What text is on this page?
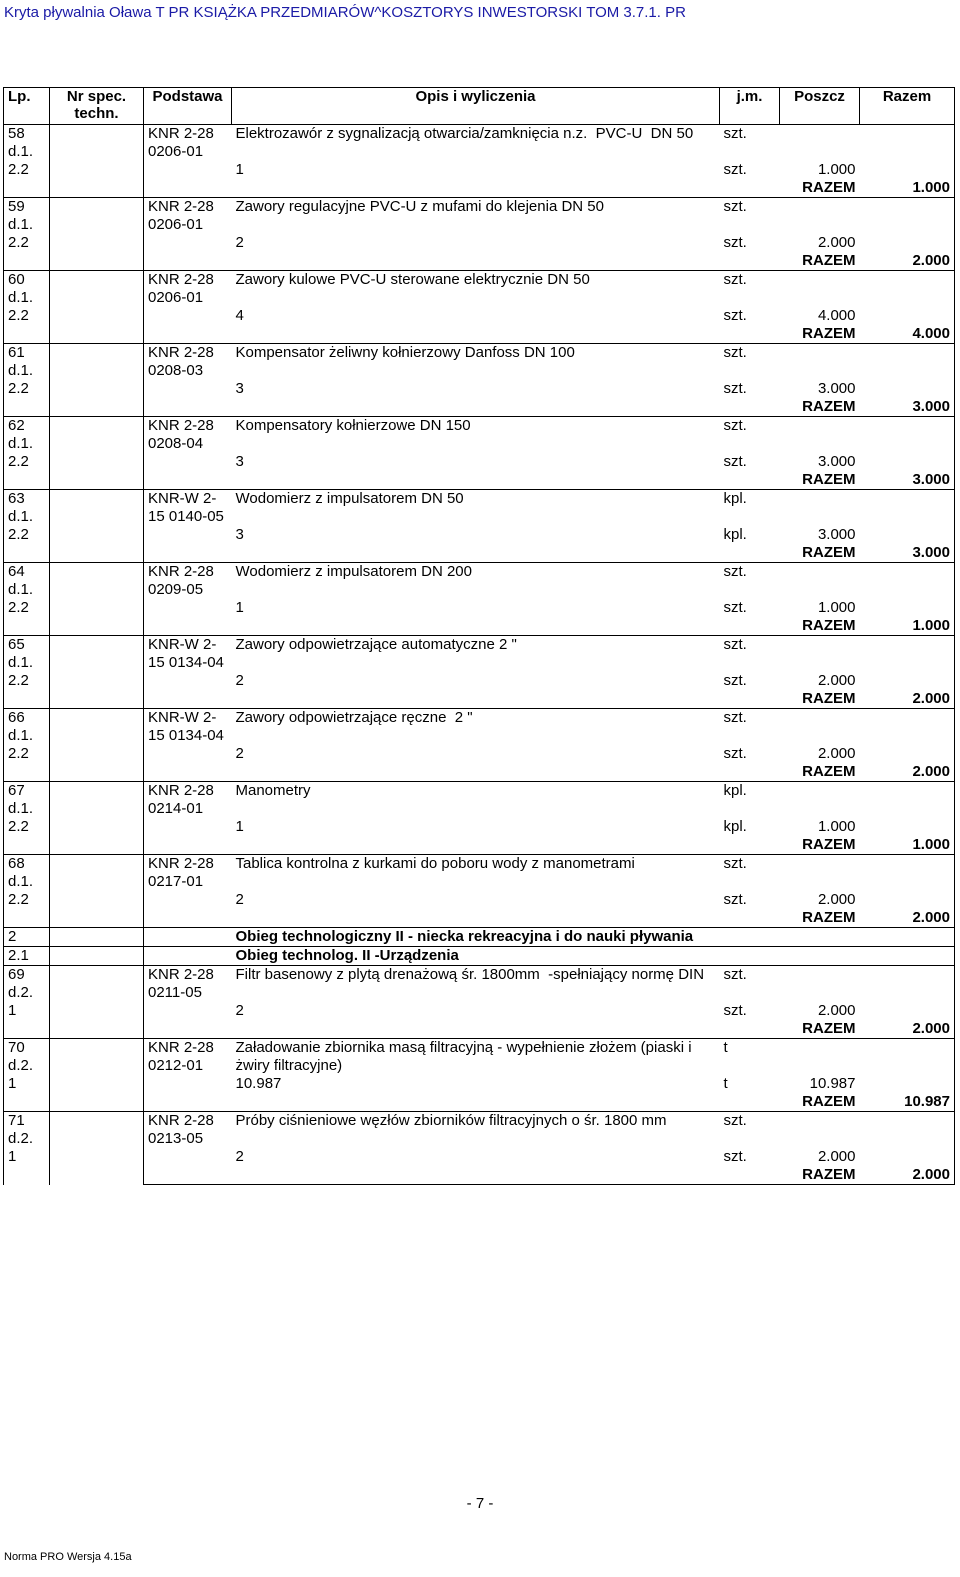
Kryta pływalnia Oława T PR KSIĄŻKA PRZEDMIARÓW^KOSZTORYS INWESTORSKI TOM 3.7.1. PR
Lp.	Nr spec. techn.	Podstawa	Opis i wyliczenia	j.m.	Poszcz	Razem
58 d.1. 2.2		KNR 2-28 0206-01	Elektrozawór z sygnalizacją otwarcia/zamknięcia n.z.  PVC-U  DN 50	szt.		
			1	szt.	1.000	
					RAZEM	1.000
59 d.1. 2.2		KNR 2-28 0206-01	Zawory regulacyjne PVC-U z mufami do klejenia DN 50	szt.		
			2	szt.	2.000	
					RAZEM	2.000
60 d.1. 2.2		KNR 2-28 0206-01	Zawory kulowe PVC-U sterowane elektrycznie DN 50	szt.		
			4	szt.	4.000	
					RAZEM	4.000
61 d.1. 2.2		KNR 2-28 0208-03	Kompensator żeliwny kołnierzowy Danfoss DN 100	szt.		
			3	szt.	3.000	
					RAZEM	3.000
62 d.1. 2.2		KNR 2-28 0208-04	Kompensatory kołnierzowe DN 150	szt.		
			3	szt.	3.000	
					RAZEM	3.000
63 d.1. 2.2		KNR-W 2- 15 0140-05	Wodomierz z impulsatorem DN 50	kpl.		
			3	kpl.	3.000	
					RAZEM	3.000
64 d.1. 2.2		KNR 2-28 0209-05	Wodomierz z impulsatorem DN 200	szt.		
			1	szt.	1.000	
					RAZEM	1.000
65 d.1. 2.2		KNR-W 2- 15 0134-04	Zawory odpowietrzające automatyczne 2 "	szt.		
			2	szt.	2.000	
					RAZEM	2.000
66 d.1. 2.2		KNR-W 2- 15 0134-04	Zawory odpowietrzające ręczne  2 "	szt.		
			2	szt.	2.000	
					RAZEM	2.000
67 d.1. 2.2		KNR 2-28 0214-01	Manometry	kpl.		
			1	kpl.	1.000	
					RAZEM	1.000
68 d.1. 2.2		KNR 2-28 0217-01	Tablica kontrolna z kurkami do poboru wody z manometrami	szt.		
			2	szt.	2.000	
					RAZEM	2.000
2			Obieg technologiczny II - niecka rekreacyjna i do nauki pływania			
2.1			Obieg technolog. II -Urządzenia			
69 d.2. 1		KNR 2-28 0211-05	Filtr basenowy z plytą drenażową śr. 1800mm  -spełniający normę DIN	szt.		
			2	szt.	2.000	
					RAZEM	2.000
70 d.2. 1		KNR 2-28 0212-01	Załadowanie zbiornika masą filtracyjną - wypełnienie złożem (piaski i żwiry filtracyjne)	t		
			10.987	t	10.987	
					RAZEM	10.987
71 d.2. 1		KNR 2-28 0213-05	Próby ciśnieniowe węzłów zbiorników filtracyjnych o śr. 1800 mm	szt.		
			2	szt.	2.000	
					RAZEM	2.000
- 7 -
Norma PRO Wersja 4.15a
